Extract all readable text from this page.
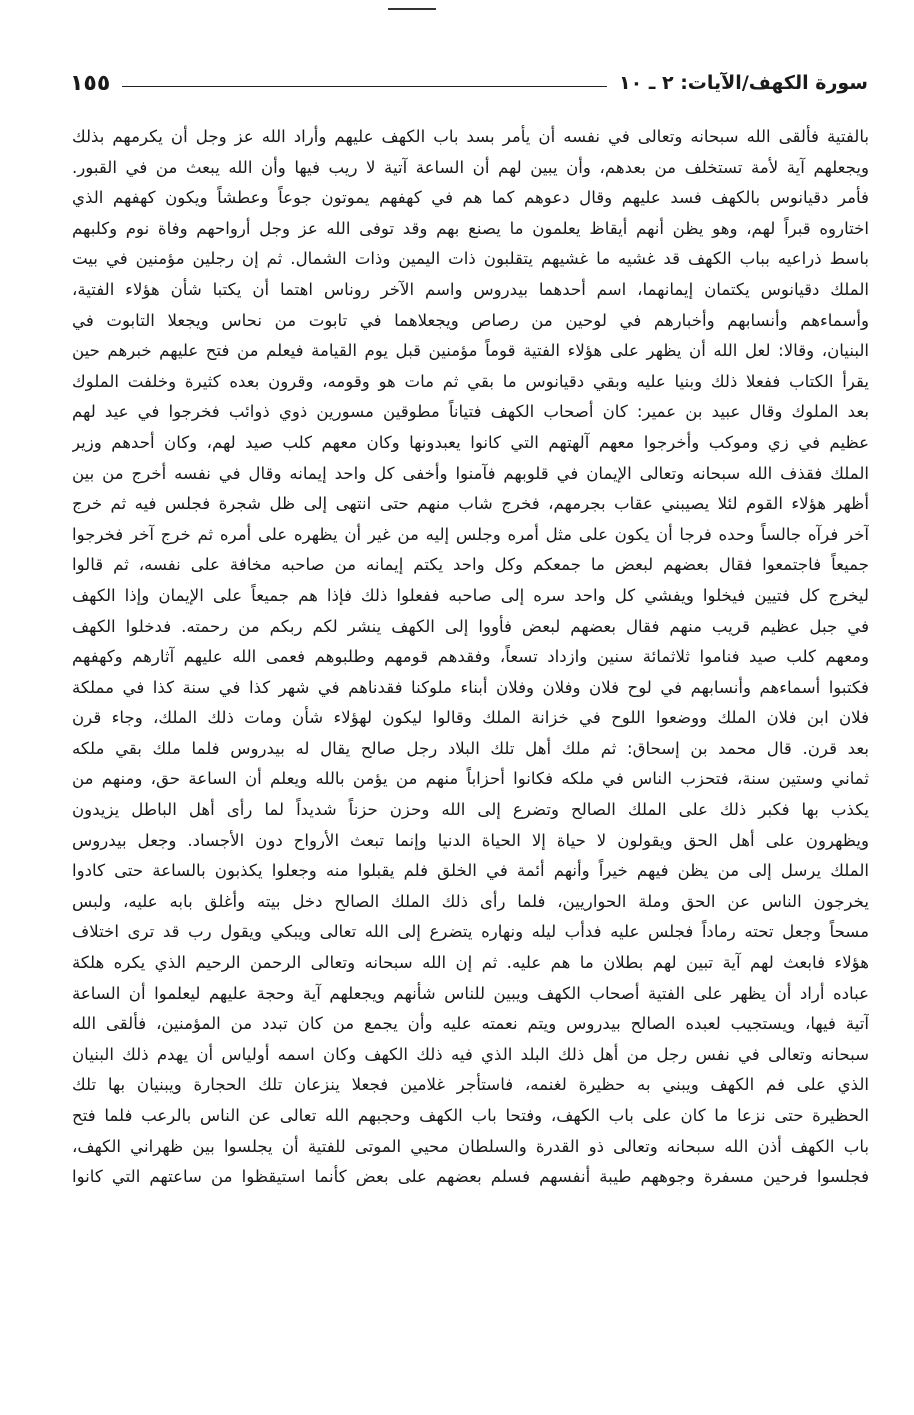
سورة الكهف/الآيات: ٢ ـ ١٠
١٥٥
بالفتية فألقى الله سبحانه وتعالى في نفسه أن يأمر بسد باب الكهف عليهم وأراد الله عز وجل أن يكرمهم بذلك
ويجعلهم آية لأمة تستخلف من بعدهم، وأن يبين لهم أن الساعة آتية لا ريب فيها وأن الله يبعث من في القبور.
فأمر دقيانوس بالكهف فسد عليهم وقال دعوهم كما هم في كهفهم يموتون جوعاً وعطشاً ويكون كهفهم الذي
اختاروه قبراً لهم، وهو يظن أنهم أيقاظ يعلمون ما يصنع بهم وقد توفى الله عز وجل أرواحهم وفاة نوم وكلبهم
باسط ذراعيه بباب الكهف قد غشيه ما غشيهم يتقلبون ذات اليمين وذات الشمال. ثم إن رجلين مؤمنين في بيت
الملك دقيانوس يكتمان إيمانهما، اسم أحدهما بيدروس واسم الآخر روناس اهتما أن يكتبا شأن هؤلاء الفتية،
وأسماءهم وأنسابهم وأخبارهم في لوحين من رصاص ويجعلاهما في تابوت من نحاس ويجعلا التابوت في
البنيان، وقالا: لعل الله أن يظهر على هؤلاء الفتية قوماً مؤمنين قبل يوم القيامة فيعلم من فتح عليهم خبرهم حين
يقرأ الكتاب ففعلا ذلك وبنيا عليه وبقي دقيانوس ما بقي ثم مات هو وقومه، وقرون بعده كثيرة وخلفت الملوك
بعد الملوك وقال عبيد بن عمير: كان أصحاب الكهف فتياناً مطوقين مسورين ذوي ذوائب فخرجوا في عيد لهم
عظيم في زي وموكب وأخرجوا معهم آلهتهم التي كانوا يعبدونها وكان معهم كلب صيد لهم، وكان أحدهم وزير
الملك فقذف الله سبحانه وتعالى الإيمان في قلوبهم فآمنوا وأخفى كل واحد إيمانه وقال في نفسه أخرج من بين
أظهر هؤلاء القوم لئلا يصيبني عقاب بجرمهم، فخرج شاب منهم حتى انتهى إلى ظل شجرة فجلس فيه ثم خرج
آخر فرآه جالساً وحده فرجا أن يكون على مثل أمره وجلس إليه من غير أن يظهره على أمره ثم خرج آخر فخرجوا
جميعاً فاجتمعوا فقال بعضهم لبعض ما جمعكم وكل واحد يكتم إيمانه من صاحبه مخافة على نفسه، ثم قالوا
ليخرج كل فتيين فيخلوا ويفشي كل واحد سره إلى صاحبه ففعلوا ذلك فإذا هم جميعاً على الإيمان وإذا الكهف
في جبل عظيم قريب منهم فقال بعضهم لبعض فأووا إلى الكهف ينشر لكم ربكم من رحمته. فدخلوا الكهف
ومعهم كلب صيد فناموا ثلاثمائة سنين وازداد تسعاً، وفقدهم قومهم وطلبوهم فعمى الله عليهم آثارهم وكهفهم
فكتبوا أسماءهم وأنسابهم في لوح فلان وفلان وفلان أبناء ملوكنا فقدناهم في شهر كذا في سنة كذا في مملكة
فلان ابن فلان الملك ووضعوا اللوح في خزانة الملك وقالوا ليكون لهؤلاء شأن ومات ذلك الملك، وجاء قرن
بعد قرن. قال محمد بن إسحاق: ثم ملك أهل تلك البلاد رجل صالح يقال له بيدروس فلما ملك بقي ملكه
ثماني وستين سنة، فتحزب الناس في ملكه فكانوا أحزاباً منهم من يؤمن بالله ويعلم أن الساعة حق، ومنهم من
يكذب بها فكبر ذلك على الملك الصالح وتضرع إلى الله وحزن حزناً شديداً لما رأى أهل الباطل يزيدون
ويظهرون على أهل الحق ويقولون لا حياة إلا الحياة الدنيا وإنما تبعث الأرواح دون الأجساد. وجعل بيدروس
الملك يرسل إلى من يظن فيهم خيراً وأنهم أئمة في الخلق فلم يقبلوا منه وجعلوا يكذبون بالساعة حتى كادوا
يخرجون الناس عن الحق وملة الحواريين، فلما رأى ذلك الملك الصالح دخل بيته وأغلق بابه عليه، ولبس
مسحاً وجعل تحته رماداً فجلس عليه فدأب ليله ونهاره يتضرع إلى الله تعالى ويبكي ويقول رب قد ترى اختلاف
هؤلاء فابعث لهم آية تبين لهم بطلان ما هم عليه. ثم إن الله سبحانه وتعالى الرحمن الرحيم الذي يكره هلكة
عباده أراد أن يظهر على الفتية أصحاب الكهف ويبين للناس شأنهم ويجعلهم آية وحجة عليهم ليعلموا أن الساعة
آتية فيها، ويستجيب لعبده الصالح بيدروس ويتم نعمته عليه وأن يجمع من كان تبدد من المؤمنين، فألقى الله
سبحانه وتعالى في نفس رجل من أهل ذلك البلد الذي فيه ذلك الكهف وكان اسمه أولياس أن يهدم ذلك البنيان
الذي على فم الكهف ويبني به حظيرة لغنمه، فاستأجر غلامين فجعلا ينزعان تلك الحجارة ويبنيان بها تلك
الحظيرة حتى نزعا ما كان على باب الكهف، وفتحا باب الكهف وحجبهم الله تعالى عن الناس بالرعب فلما فتح
باب الكهف أذن الله سبحانه وتعالى ذو القدرة والسلطان محيي الموتى للفتية أن يجلسوا بين ظهراني الكهف،
فجلسوا فرحين مسفرة وجوههم طيبة أنفسهم فسلم بعضهم على بعض كأنما استيقظوا من ساعتهم التي كانوا
